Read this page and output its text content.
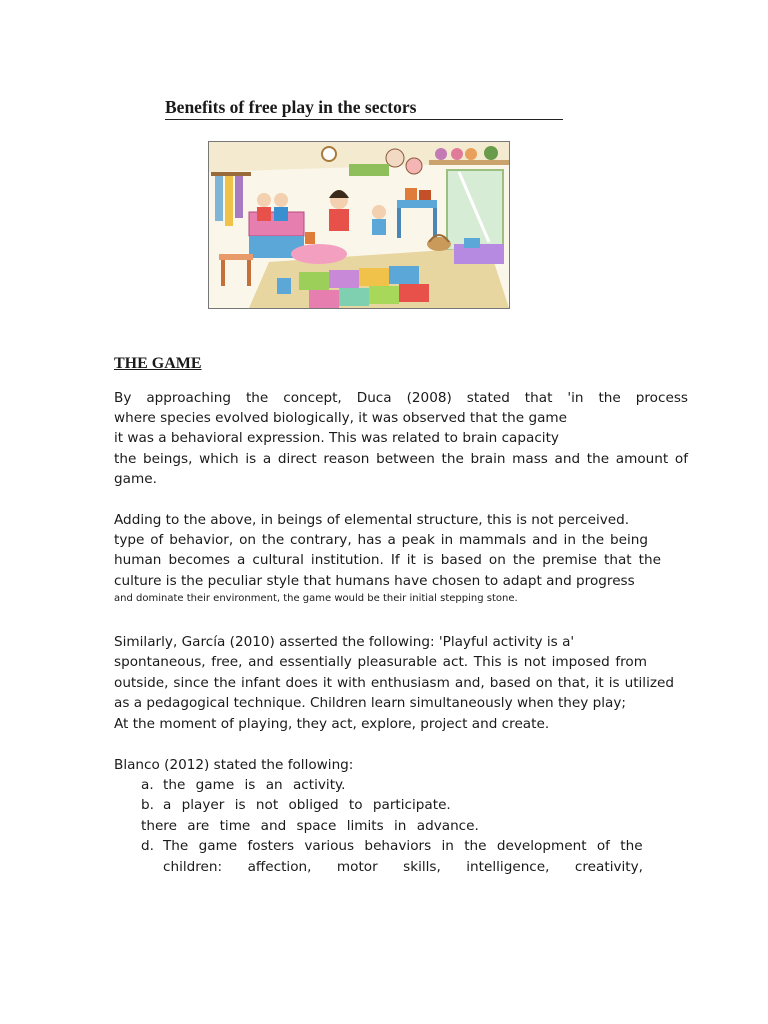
Benefits of free play in the sectors
THE GAME
By approaching the concept, Duca (2008) stated that 'in the process
where species evolved biologically, it was observed that the game
it was a behavioral expression. This was related to brain capacity
the beings, which is a direct reason between the brain mass and the amount of
game.
Adding to the above, in beings of elemental structure, this is not perceived.
type of behavior, on the contrary, has a peak in mammals and in the being
human becomes a cultural institution. If it is based on the premise that the
culture is the peculiar style that humans have chosen to adapt and progress
and dominate their environment, the game would be their initial stepping stone.
Similarly, García (2010) asserted the following: 'Playful activity is a'
spontaneous, free, and essentially pleasurable act. This is not imposed from
outside, since the infant does it with enthusiasm and, based on that, it is utilized
as a pedagogical technique. Children learn simultaneously when they play;
At the moment of playing, they act, explore, project and create.
Blanco (2012) stated the following:
a. the game is an activity.
b. a player is not obliged to participate.
there are time and space limits in advance.
d. The game fosters various behaviors in the development of the
children: affection, motor skills, intelligence, creativity,
